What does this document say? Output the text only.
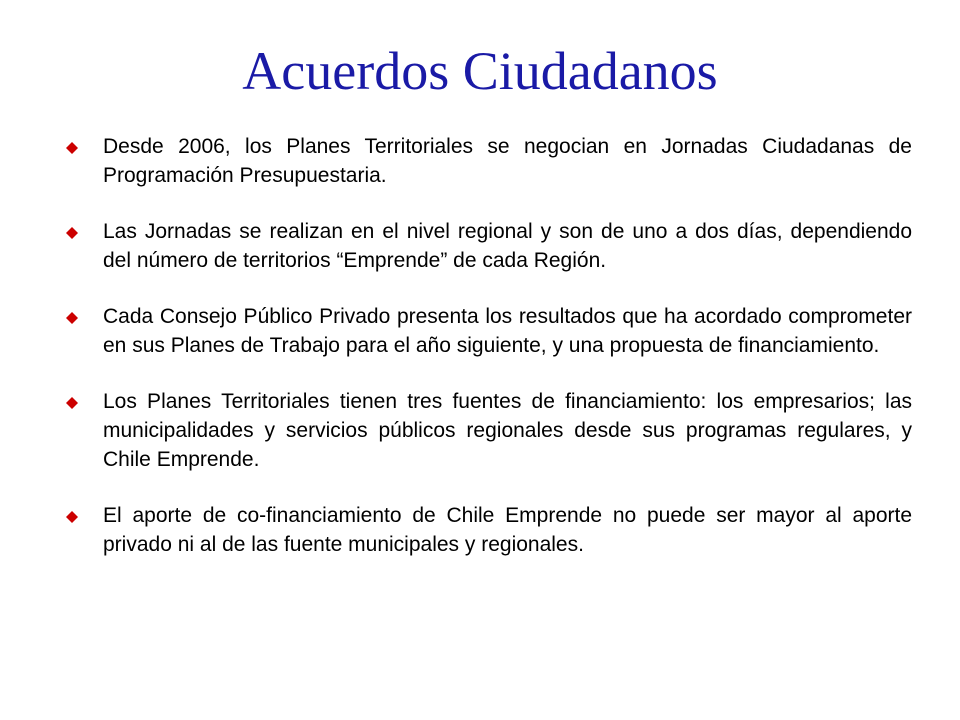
Acuerdos Ciudadanos
Desde 2006, los Planes Territoriales se negocian en Jornadas Ciudadanas de Programación Presupuestaria.
Las Jornadas se realizan en el nivel regional y son de uno a dos días, dependiendo del número de territorios “Emprende” de cada Región.
Cada Consejo Público Privado presenta los resultados que ha acordado comprometer en sus Planes de Trabajo para el año siguiente, y una propuesta de financiamiento.
Los Planes Territoriales tienen tres fuentes de financiamiento: los empresarios; las municipalidades y servicios públicos regionales desde sus programas regulares, y Chile Emprende.
El aporte de co-financiamiento de Chile Emprende no puede ser mayor al aporte privado ni al de las fuente municipales y regionales.
